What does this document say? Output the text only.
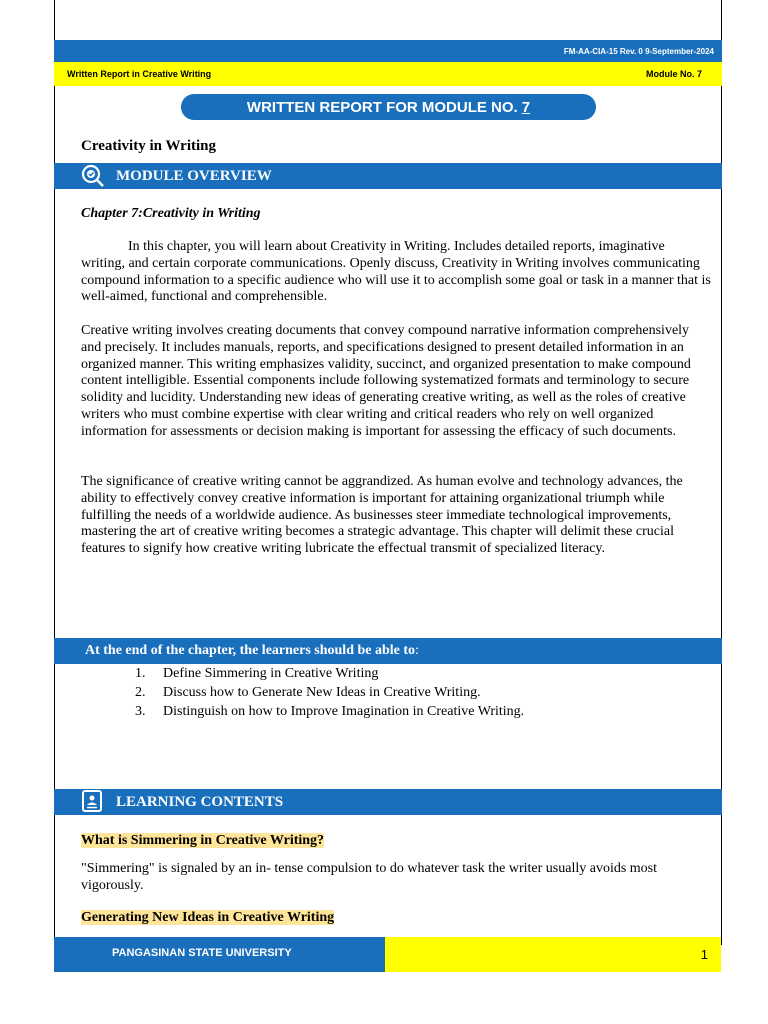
FM-AA-CIA-15 Rev. 0 9-September-2024
Written Report in Creative Writing	Module No. 7
WRITTEN REPORT FOR MODULE NO. 7
Creativity in Writing
MODULE OVERVIEW
Chapter 7:Creativity in Writing
In this chapter, you will learn about Creativity in Writing. Includes detailed reports, imaginative writing, and certain corporate communications. Openly discuss, Creativity in Writing involves communicating compound information to a specific audience who will use it to accomplish some goal or task in a manner that is well-aimed, functional and comprehensible.
Creative writing involves creating documents that convey compound narrative information comprehensively and precisely. It includes manuals, reports, and specifications designed to present detailed information in an organized manner. This writing emphasizes validity, succinct, and organized presentation to make compound content intelligible. Essential components include following systematized formats and terminology to secure solidity and lucidity. Understanding new ideas of generating creative writing, as well as the roles of creative writers who must combine expertise with clear writing and critical readers who rely on well organized information for assessments or decision making is important for assessing the efficacy of such documents.
The significance of creative writing cannot be aggrandized. As human evolve and technology advances, the ability to effectively convey creative information is important for attaining organizational triumph while fulfilling the needs of a worldwide audience. As businesses steer immediate technological improvements, mastering the art of creative writing becomes a strategic advantage. This chapter will delimit these crucial features to signify how creative writing lubricate the effectual transmit of specialized literacy.
At the end of the chapter, the learners should be able to :
1.	Define Simmering in Creative Writing
2.	Discuss how to Generate New Ideas in Creative Writing.
3.	Distinguish on how to Improve Imagination in Creative Writing.
LEARNING CONTENTS
What is Simmering in Creative Writing?
"Simmering" is signaled by an in- tense compulsion to do whatever task the writer usually avoids most vigorously.
Generating New Ideas in Creative Writing
PANGASINAN STATE UNIVERSITY	1
